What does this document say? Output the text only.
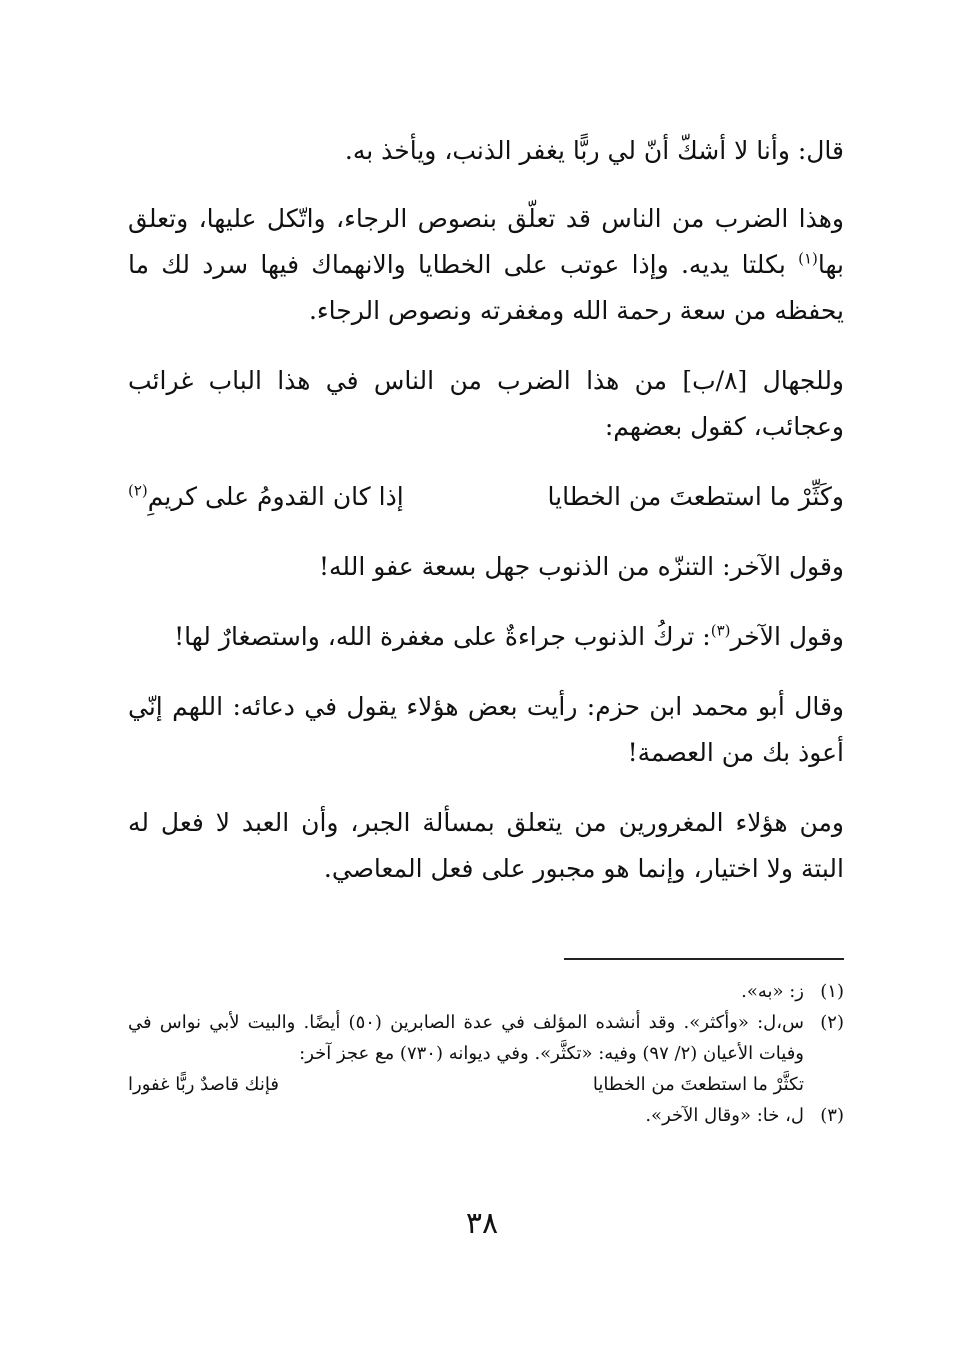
قال: وأنا لا أشكّ أنّ لي ربًّا يغفر الذنب، ويأخذ به.

وهذا الضرب من الناس قد تعلّق بنصوص الرجاء، واتّكل عليها، وتعلق بها$^{(١)}$ بكلتا يديه. وإذا عوتب على الخطايا والانهماك فيها سرد لك ما يحفظه من سعة رحمة الله ومغفرته ونصوص الرجاء.

وللجهال [٨/ب] من هذا الضرب من الناس في هذا الباب غرائب وعجائب، كقول بعضهم:

وكَثِّرْ ما استطعتَ من الخطايا
إذا كان القدومُ على كريمِ$^{(٢)}$

وقول الآخر: التنزّه من الذنوب جهل بسعة عفو الله!

وقول الآخر$^{(٣)}$: تركُ الذنوب جراءةٌ على مغفرة الله، واستصغارٌ لها!

وقال أبو محمد ابن حزم: رأيت بعض هؤلاء يقول في دعائه: اللهم إنّي أعوذ بك من العصمة!

ومن هؤلاء المغرورين من يتعلق بمسألة الجبر، وأن العبد لا فعل له البتة ولا اختيار، وإنما هو مجبور على فعل المعاصي.

(١)
ز: «به».
(٢)
س،ل: «وأكثر». وقد أنشده المؤلف في عدة الصابرين (٥٠) أيضًا. والبيت لأبي نواس في وفيات الأعيان (٢/ ٩٧) وفيه: «تكثَّر». وفي ديوانه (٧٣٠) مع عجز آخر:
تكثَّرْ ما استطعتَ من الخطايا
فإنك قاصدٌ ربًّا غفورا
(٣)
ل، خا: «وقال الآخر».
٣٨
